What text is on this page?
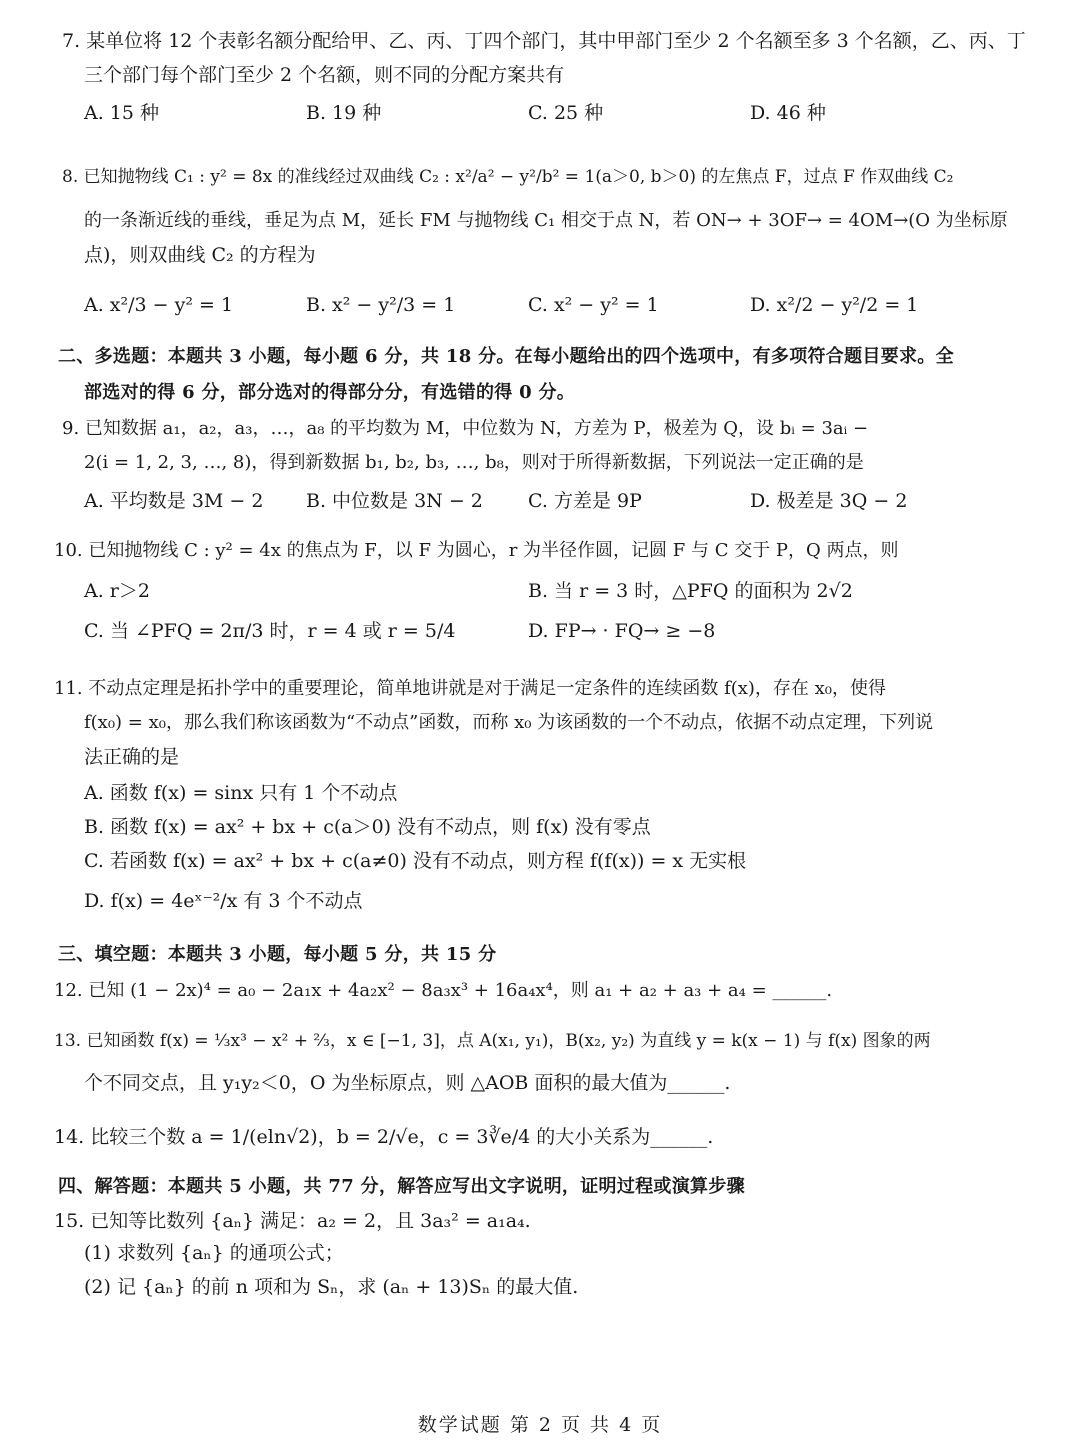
7. 某单位将 12 个表彰名额分配给甲、乙、丙、丁四个部门，其中甲部门至少 2 个名额至多 3 个名额，乙、丙、丁
三个部门每个部门至少 2 个名额，则不同的分配方案共有
A. 15 种	B. 19 种	C. 25 种	D. 46 种
8. 已知抛物线 C₁ : y² = 8x 的准线经过双曲线 C₂ : x²/a² − y²/b² = 1(a＞0, b＞0) 的左焦点 F，过点 F 作双曲线 C₂
的一条渐近线的垂线，垂足为点 M，延长 FM 与抛物线 C₁ 相交于点 N，若 ON→ + 3OF→ = 4OM→(O 为坐标原
点)，则双曲线 C₂ 的方程为
A. x²/3 − y² = 1	B. x² − y²/3 = 1	C. x² − y² = 1	D. x²/2 − y²/2 = 1
二、多选题：本题共 3 小题，每小题 6 分，共 18 分。在每小题给出的四个选项中，有多项符合题目要求。全
部选对的得 6 分，部分选对的得部分分，有选错的得 0 分。
9. 已知数据 a₁，a₂，a₃，…，a₈ 的平均数为 M，中位数为 N，方差为 P，极差为 Q，设 bᵢ = 3aᵢ −
2(i = 1, 2, 3, …, 8)，得到新数据 b₁, b₂, b₃, …, b₈，则对于所得新数据，下列说法一定正确的是
A. 平均数是 3M − 2 B. 中位数是 3N − 2 C. 方差是 9P	D. 极差是 3Q − 2
10. 已知抛物线 C : y² = 4x 的焦点为 F，以 F 为圆心，r 为半径作圆，记圆 F 与 C 交于 P，Q 两点，则
A. r＞2	B. 当 r = 3 时，△PFQ 的面积为 2√2
C. 当 ∠PFQ = 2π/3 时，r = 4 或 r = 5/4	D. FP→ · FQ→ ≥ −8
11. 不动点定理是拓扑学中的重要理论，简单地讲就是对于满足一定条件的连续函数 f(x)，存在 x₀，使得
f(x₀) = x₀，那么我们称该函数为“不动点”函数，而称 x₀ 为该函数的一个不动点，依据不动点定理，下列说
法正确的是
A. 函数 f(x) = sinx 只有 1 个不动点
B. 函数 f(x) = ax² + bx + c(a＞0) 没有不动点，则 f(x) 没有零点
C. 若函数 f(x) = ax² + bx + c(a≠0) 没有不动点，则方程 f(f(x)) = x 无实根
D. f(x) = 4eˣ⁻²/x 有 3 个不动点
三、填空题：本题共 3 小题，每小题 5 分，共 15 分
12. 已知 (1 − 2x)⁴ = a₀ − 2a₁x + 4a₂x² − 8a₃x³ + 16a₄x⁴，则 a₁ + a₂ + a₃ + a₄ = ______.
13. 已知函数 f(x) = ⅓x³ − x² + ⅔，x ∈ [−1, 3]，点 A(x₁, y₁)，B(x₂, y₂) 为直线 y = k(x − 1) 与 f(x) 图象的两
个不同交点，且 y₁y₂＜0，O 为坐标原点，则 △AOB 面积的最大值为______.
14. 比较三个数 a = 1/(eln√2)，b = 2/√e，c = 3∛e/4 的大小关系为______.
四、解答题：本题共 5 小题，共 77 分，解答应写出文字说明，证明过程或演算步骤
15. 已知等比数列 {aₙ} 满足：a₂ = 2，且 3a₃² = a₁a₄.
(1) 求数列 {aₙ} 的通项公式；
(2) 记 {aₙ} 的前 n 项和为 Sₙ，求 (aₙ + 13)Sₙ 的最大值.
数学试题 第 2 页 共 4 页
